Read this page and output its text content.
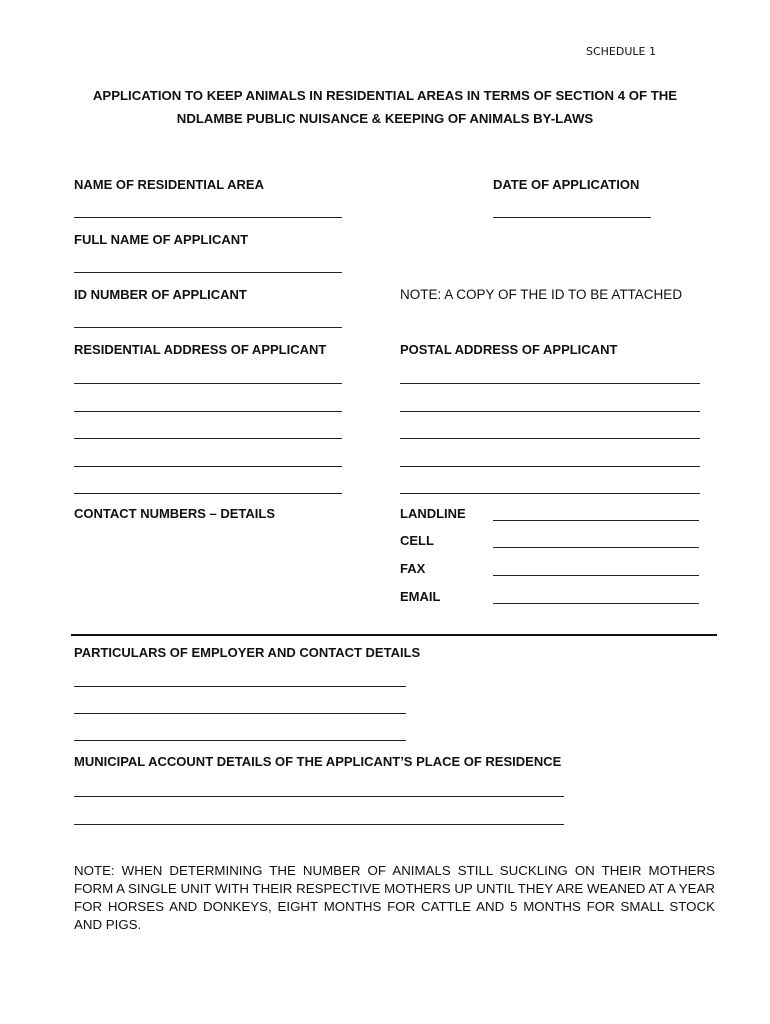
SCHEDULE 1
APPLICATION TO KEEP ANIMALS IN RESIDENTIAL AREAS IN TERMS OF SECTION 4 OF THE
NDLAMBE PUBLIC NUISANCE & KEEPING OF ANIMALS BY-LAWS
NAME OF RESIDENTIAL AREA	DATE OF APPLICATION
FULL NAME OF APPLICANT
ID NUMBER OF APPLICANT	NOTE: A COPY OF THE ID TO BE ATTACHED
RESIDENTIAL ADDRESS OF APPLICANT	POSTAL ADDRESS OF APPLICANT
CONTACT NUMBERS – DETAILS	LANDLINE
CELL
FAX
EMAIL
PARTICULARS OF EMPLOYER AND CONTACT DETAILS
MUNICIPAL ACCOUNT DETAILS OF THE APPLICANT’S PLACE OF RESIDENCE
NOTE: WHEN DETERMINING THE NUMBER OF ANIMALS STILL SUCKLING ON THEIR MOTHERS FORM A SINGLE UNIT WITH THEIR RESPECTIVE MOTHERS UP UNTIL THEY ARE WEANED AT A YEAR FOR HORSES AND DONKEYS, EIGHT MONTHS FOR CATTLE AND 5 MONTHS FOR SMALL STOCK AND PIGS.
